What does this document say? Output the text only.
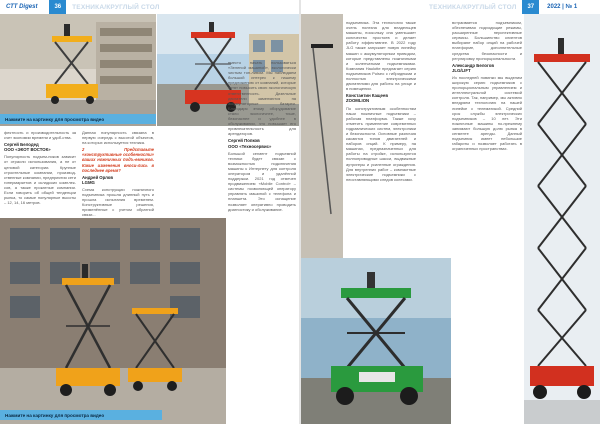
СТТ Digest	36	ТЕХНИКА/КРУГЛЫЙ СТОЛ	ТЕХНИКА/КРУГЛЫЙ СТОЛ	37	2022 | № 1
Нажмите на картинку для просмотра видео

фектность и производительность за счет экономии времени и удоб-ства.

Сергей Белодед
ООО «ЭКОТ ВОСТОК»

Популярность подъем-ников зависит от отрасли использования, а не от ценовой категории. Крупные строительные компании, производ-ственные компании, предприятия сети гипермаркетов и складских комплек-сов, а также прокатные компании. Если говорить об общей тенденции рынка, то самые популярные высоты – 12, 14, 16 метров.

Данная популярность связана в первую очередь с высотой объектов, на которых используется техника.

2 Представьте «конструктивные особенности» ваших ножничных подъ-емников. Какие изменения вноси-лись в последнее время?

Андрей Орлов
LGMG

Схема конструкции ножничного подъемника прошла длинный путь и прошла испытания временем. Конструктивные решения, применённые с учетом обратной связи...

Нажмите на картинку для просмотра видео

вместо начать пользоваться «Зеленой машиной», экологически чистым топ-ливом. Мы наблюдаем большой интерес к нашему предложению от компаний, которые хотят повысить свою экологическую ответственность. Дизельные двигатели заменяются на аккумуляторные батареи. Благодаря этому оборудование стало экологичнее, тише, безопаснее и удобнее в обслуживании, что повышает его привлекательность для арендаторов.

Сергей Попков
ООО «Техносервис»

Большой сегмент подъемной техники будет связан с возможностью подключения машины к Интернету для контроля оператором и удалённой поддержки. 2021 год отмечен продвижением «Mobile Control» – системы позволяющей оператору управлять машиной с телефона и планшета. Это оснащение позволяет оперативно проводить диагностику и обслуживание.

подъемника. Эта технология также очень полезна для владельцев машины, поскольку она уменьшает количество простоев и делает работу эффективнее. В 2022 году JLG также запускает новую линейку машин с аккумуляторным приводом, которые представлены ножничными и коленчатыми подъемниками. Компания Haulotte предлагает серию подъемников Pulseo с гибридными и полностью электрическими двигателями для работы на улице и в помещении.

Константин Кащеев
ZOOMLION

По конструктивным особенностям наши ножничные подъемники – рабочая платформа. Также хочу отметить применение современных гидравлических систем, электроники и безопасности. Основные различия касаются типов двигателей и наборов опций. К примеру, на машинах, предназначенных для работы на стройке, используются полноприводные шасси, выдвижные аутригеры и усиленные ограждения. Для внутренних работ – компактные электрические подъемники с неоставляющими следов колесами.

встраивается подъемником, обеспечивая подходящие режимы, расширенные перспективные сервисы. Большинство клиентов выбирают набор опций на рабочей платформе, дополнительные средства безопасности и регулировку пропорциональности.

Александр Белогов
JLG/LIFT

Из последней новинки мы выделим широкую серию подъемников с пропорциональным управлением и интеллектуальной системой контроля. Так, например, мы активно внедряем технологию на нашей линейке с телематикой. Средний срок службы электрических подъемников – 10 лет. Эти ножничные машины по-прежнему занимают большую долю рынка в сегменте аренды. Данный подъемник имеет небольшие габариты и позволяет работать в ограниченных пространствах.
